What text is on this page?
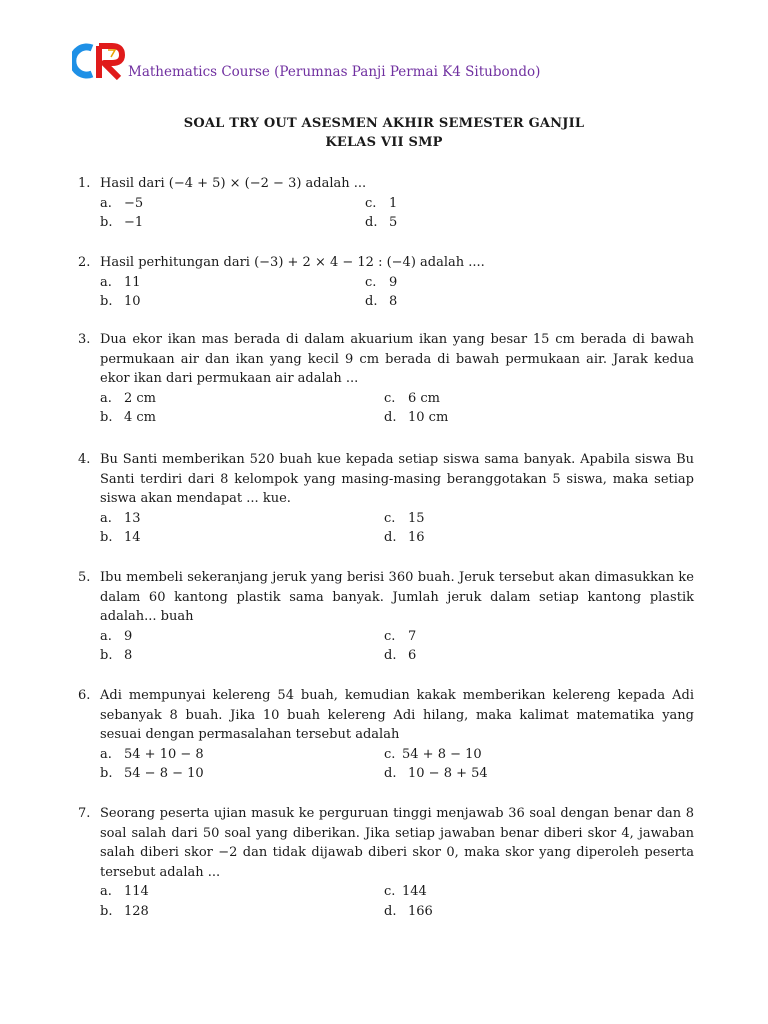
Mathematics Course (Perumnas Panji Permai K4 Situbondo)
SOAL TRY OUT ASESMEN AKHIR SEMESTER GANJIL
KELAS VII SMP
1. Hasil dari (−4 + 5) × (−2 − 3) adalah ...
a. −5	c. 1
b. −1	d. 5
2. Hasil perhitungan dari (−3) + 2 × 4 − 12 : (−4) adalah ....
a. 11	c. 9
b. 10	d. 8
3. Dua ekor ikan mas berada di dalam akuarium ikan yang besar 15 cm berada di bawah permukaan air dan ikan yang kecil 9 cm berada di bawah permukaan air. Jarak kedua ekor ikan dari permukaan air adalah ...
a. 2 cm	c. 6 cm
b. 4 cm	d. 10 cm
4. Bu Santi memberikan 520 buah kue kepada setiap siswa sama banyak. Apabila siswa Bu Santi terdiri dari 8 kelompok yang masing-masing beranggotakan 5 siswa, maka setiap siswa akan mendapat ... kue.
a. 13	c. 15
b. 14	d. 16
5. Ibu membeli sekeranjang jeruk yang berisi 360 buah. Jeruk tersebut akan dimasukkan ke dalam 60 kantong plastik sama banyak. Jumlah jeruk dalam setiap kantong plastik adalah... buah
a. 9	c. 7
b. 8	d. 6
6. Adi mempunyai kelereng 54 buah, kemudian kakak memberikan kelereng kepada Adi sebanyak 8 buah. Jika 10 buah kelereng Adi hilang, maka kalimat matematika yang sesuai dengan permasalahan tersebut adalah
a. 54 + 10 − 8	c. 54 + 8 − 10
b. 54 − 8 − 10	d. 10 − 8 + 54
7. Seorang peserta ujian masuk ke perguruan tinggi menjawab 36 soal dengan benar dan 8 soal salah dari 50 soal yang diberikan. Jika setiap jawaban benar diberi skor 4, jawaban salah diberi skor −2 dan tidak dijawab diberi skor 0, maka skor yang diperoleh peserta tersebut adalah ...
a. 114	c. 144
b. 128	d. 166
